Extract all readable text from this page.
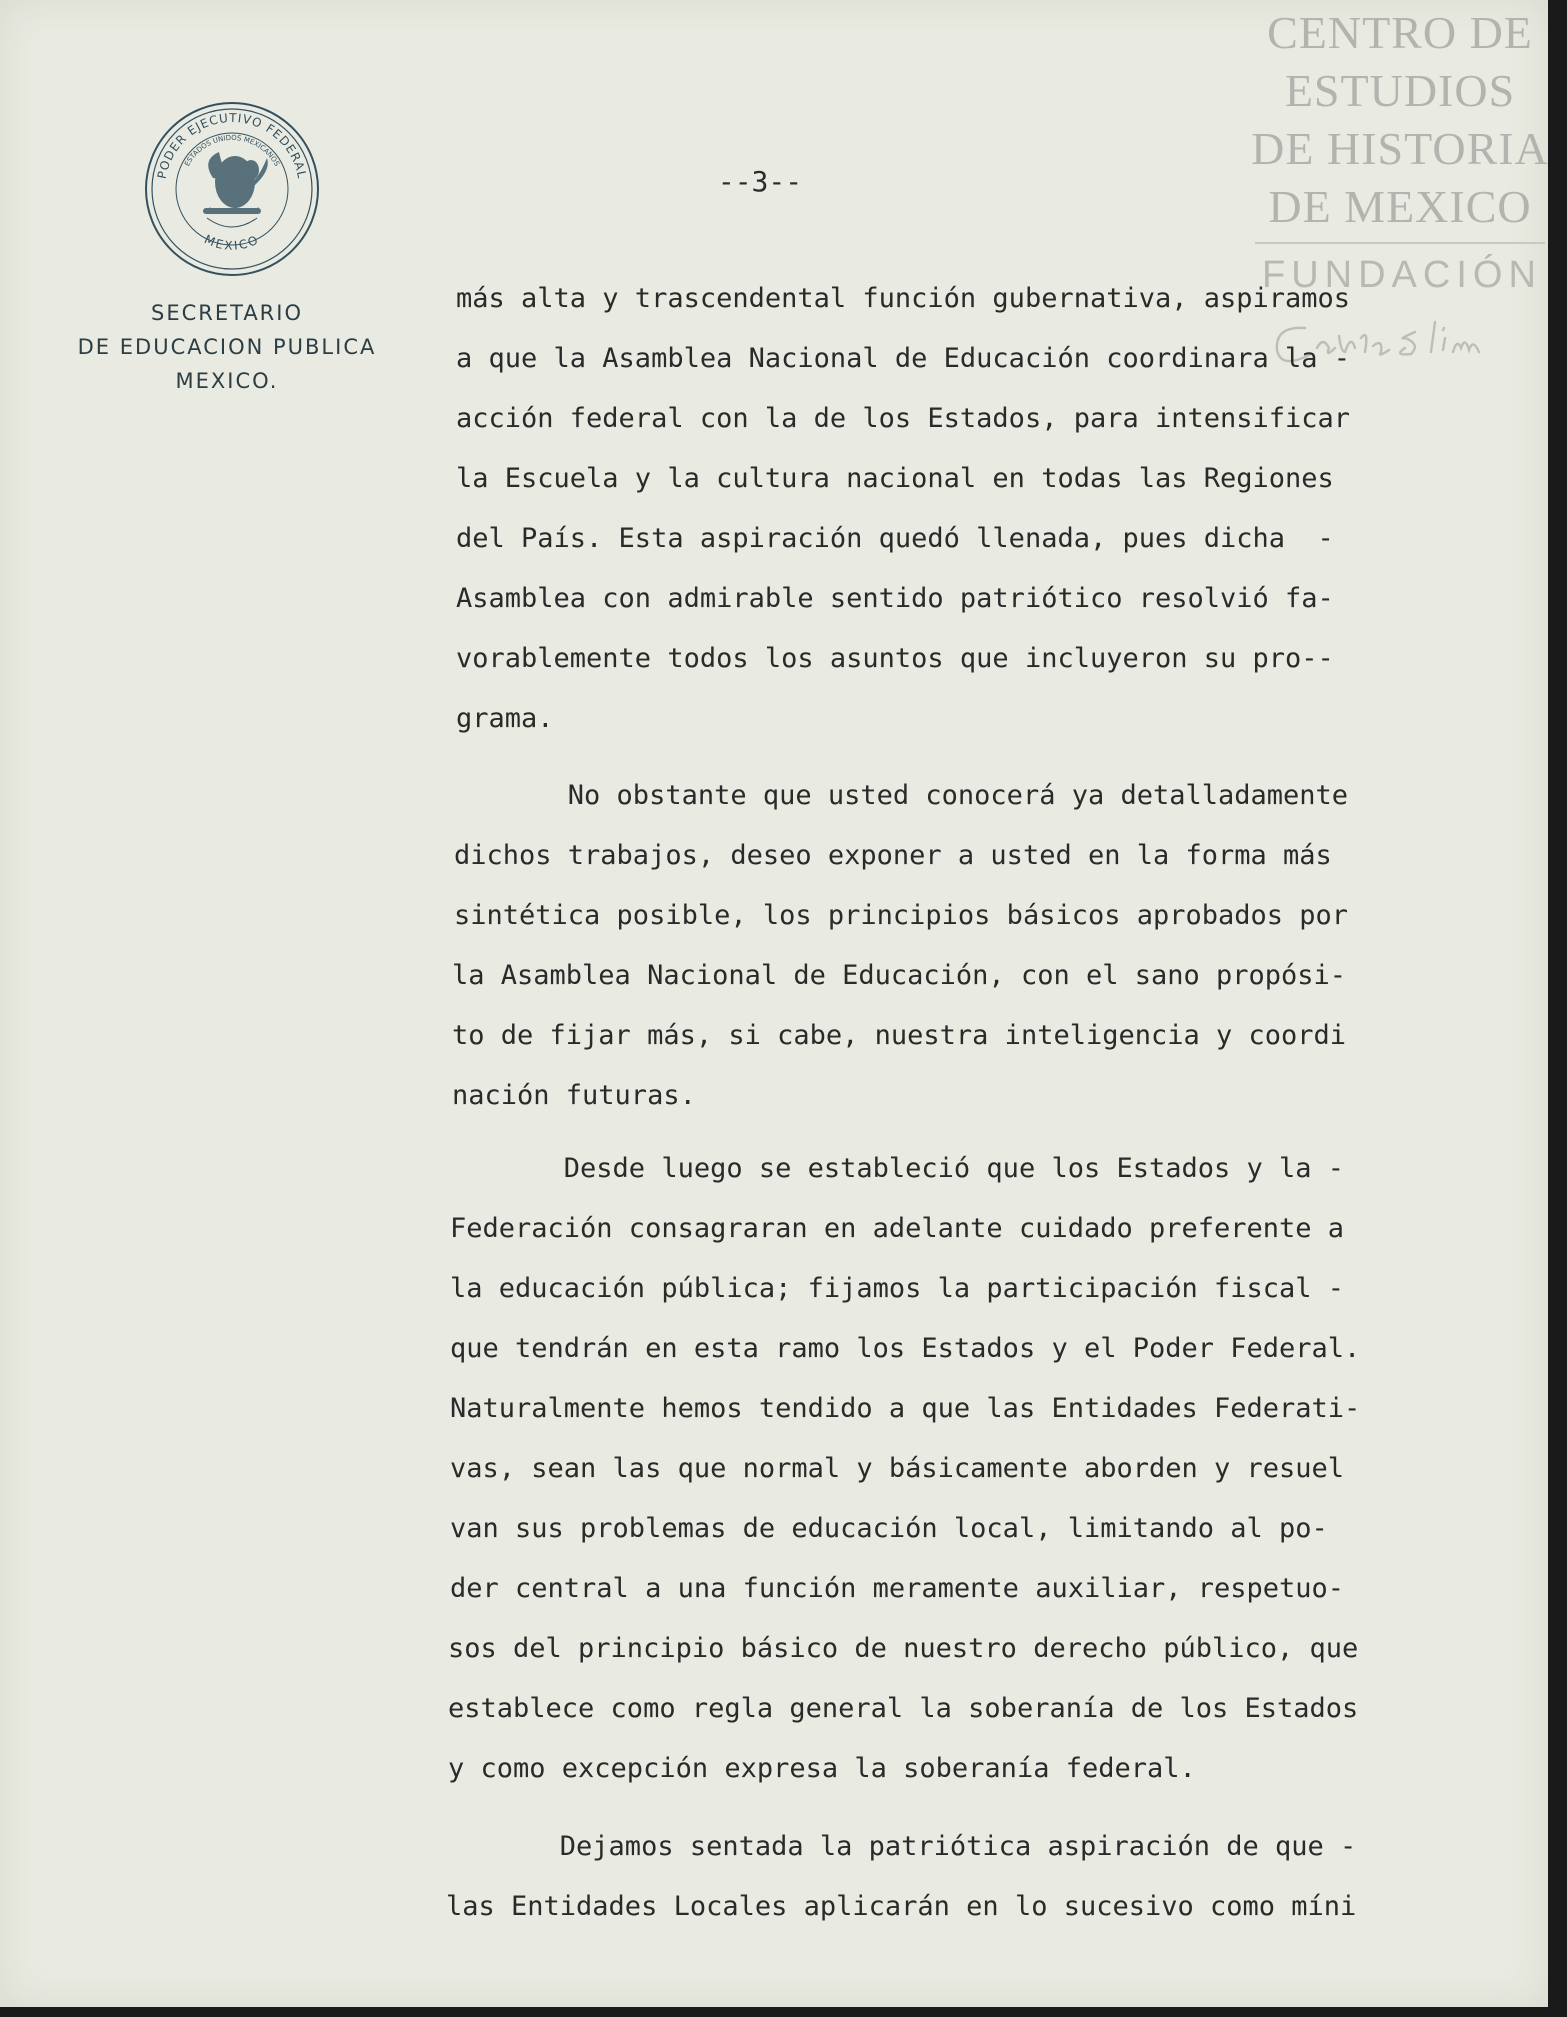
PODER EJECUTIVO FEDERAL
ESTADOS UNIDOS MEXICANOS
MEXICO
SECRETARIO
DE EDUCACION PUBLICA
MEXICO.
--3--
CENTRO DE
ESTUDIOS
DE HISTORIA
DE MEXICO
FUNDACIÓN
más alta y trascendental función gubernativa, aspiramos
a que la Asamblea Nacional de Educación coordinara la -
acción federal con la de los Estados, para intensificar
la Escuela y la cultura nacional en todas las Regiones
del País. Esta aspiración quedó llenada, pues dicha  -
Asamblea con admirable sentido patriótico resolvió fa-
vorablemente todos los asuntos que incluyeron su pro--
grama.
No obstante que usted conocerá ya detalladamente
dichos trabajos, deseo exponer a usted en la forma más
sintética posible, los principios básicos aprobados por
la Asamblea Nacional de Educación, con el sano propósi-
to de fijar más, si cabe, nuestra inteligencia y coordi
nación futuras.
Desde luego se estableció que los Estados y la -
Federación consagraran en adelante cuidado preferente a
la educación pública; fijamos la participación fiscal -
que tendrán en esta ramo los Estados y el Poder Federal.
Naturalmente hemos tendido a que las Entidades Federati-
vas, sean las que normal y básicamente aborden y resuel
van sus problemas de educación local, limitando al po-
der central a una función meramente auxiliar, respetuo-
sos del principio básico de nuestro derecho público, que
establece como regla general la soberanía de los Estados
y como excepción expresa la soberanía federal.
Dejamos sentada la patriótica aspiración de que -
las Entidades Locales aplicarán en lo sucesivo como míni
